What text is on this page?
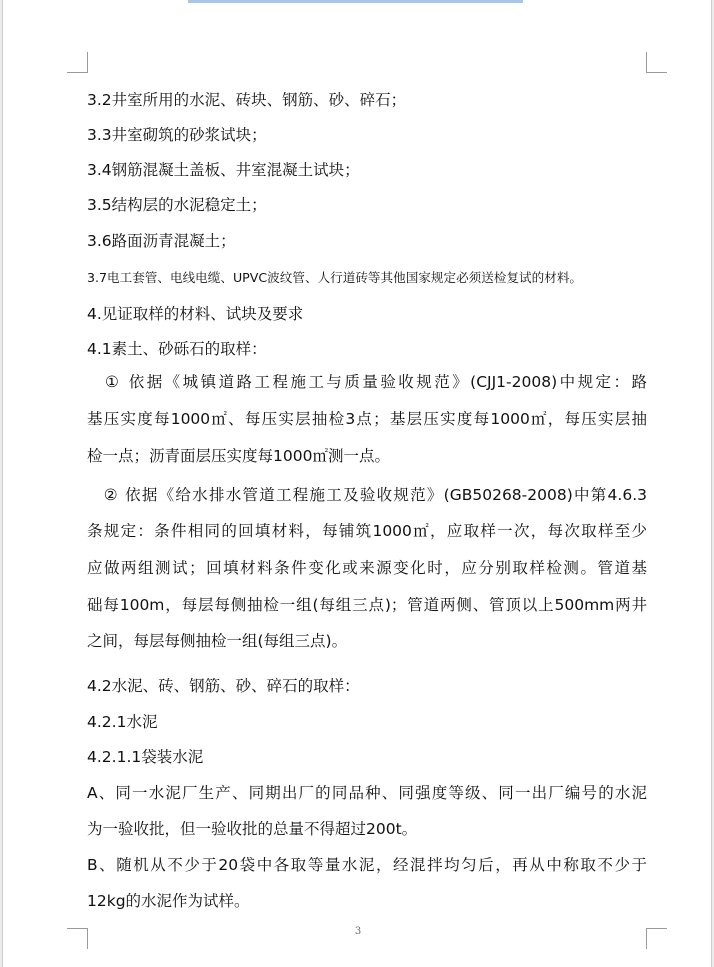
3.2井室所用的水泥、砖块、钢筋、砂、碎石；
3.3井室砌筑的砂浆试块；
3.4钢筋混凝土盖板、井室混凝土试块；
3.5结构层的水泥稳定土；
3.6路面沥青混凝土；
3.7电工套管、电线电缆、UPVC波纹管、人行道砖等其他国家规定必须送检复试的材料。
4.见证取样的材料、试块及要求
4.1素土、砂砾石的取样：
　① 依据《城镇道路工程施工与质量验收规范》(CJJ1-2008)中规定：路
基压实度每1000㎡、每压实层抽检3点；基层压实度每1000㎡，每压实层抽
检一点；沥青面层压实度每1000㎡测一点。
　② 依据《给水排水管道工程施工及验收规范》(GB50268-2008)中第4.6.3
条规定：条件相同的回填材料，每铺筑1000㎡，应取样一次，每次取样至少
应做两组测试；回填材料条件变化或来源变化时，应分别取样检测。管道基
础每100m，每层每侧抽检一组(每组三点)；管道两侧、管顶以上500mm两井
之间，每层每侧抽检一组(每组三点)。
4.2水泥、砖、钢筋、砂、碎石的取样：
4.2.1水泥
4.2.1.1袋装水泥
A、同一水泥厂生产、同期出厂的同品种、同强度等级、同一出厂编号的水泥
为一验收批，但一验收批的总量不得超过200t。
B、随机从不少于20袋中各取等量水泥，经混拌均匀后，再从中称取不少于
12kg的水泥作为试样。
3
